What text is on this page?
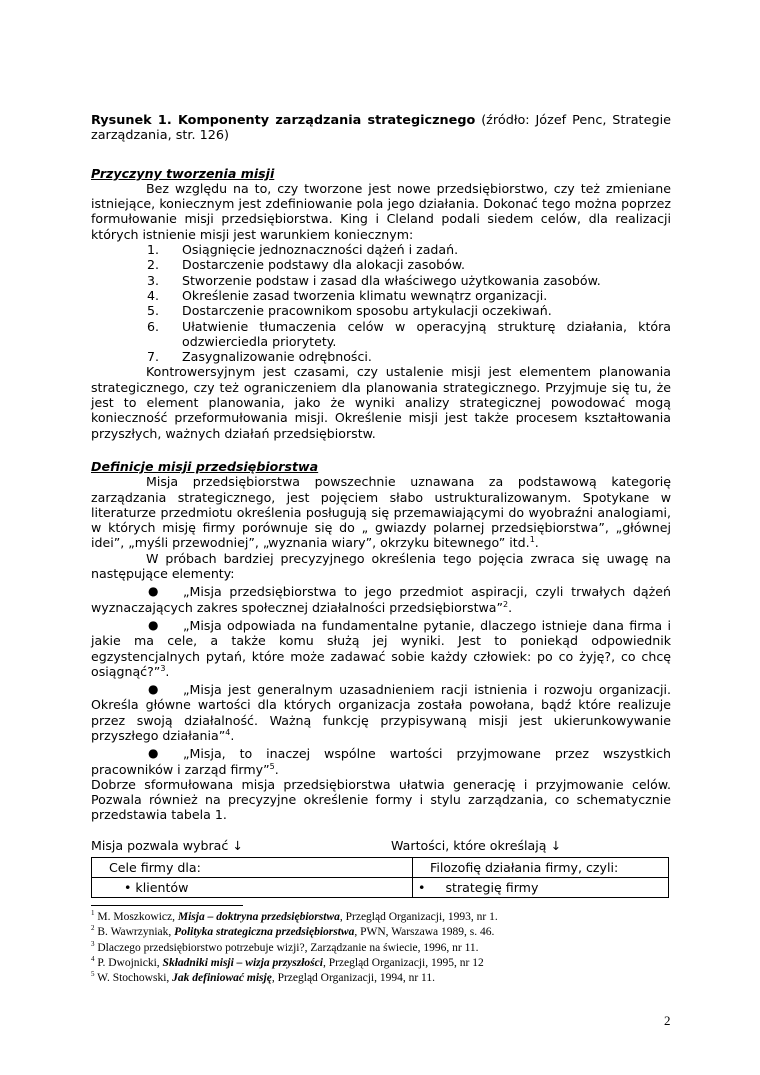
Rysunek 1. Komponenty zarządzania strategicznego (źródło: Józef Penc, Strategie zarządzania, str. 126)

Przyczyny tworzenia misji

Bez względu na to, czy tworzone jest nowe przedsiębiorstwo, czy też zmieniane istniejące, koniecznym jest zdefiniowanie pola jego działania. Dokonać tego można poprzez formułowanie misji przedsiębiorstwa. King i Cleland podali siedem celów, dla realizacji których istnienie misji jest warunkiem koniecznym:

1. Osiągnięcie jednoznaczności dążeń i zadań.
2. Dostarczenie podstawy dla alokacji zasobów.
3. Stworzenie podstaw i zasad dla właściwego użytkowania zasobów.
4. Określenie zasad tworzenia klimatu wewnątrz organizacji.
5. Dostarczenie pracownikom sposobu artykulacji oczekiwań.
6. Ułatwienie tłumaczenia celów w operacyjną strukturę działania, która odzwierciedla priorytety.
7. Zasygnalizowanie odrębności.

Kontrowersyjnym jest czasami, czy ustalenie misji jest elementem planowania strategicznego, czy też ograniczeniem dla planowania strategicznego. Przyjmuje się tu, że jest to element planowania, jako że wyniki analizy strategicznej powodować mogą konieczność przeformułowania misji. Określenie misji jest także procesem kształtowania przyszłych, ważnych działań przedsiębiorstw.

Definicje misji przedsiębiorstwa

Misja przedsiębiorstwa powszechnie uznawana za podstawową kategorię zarządzania strategicznego, jest pojęciem słabo ustrukturalizowanym. Spotykane w literaturze przedmiotu określenia posługują się przemawiającymi do wyobraźni analogiami, w których misję firmy porównuje się do „ gwiazdy polarnej przedsiębiorstwa”, „głównej idei”, „myśli przewodniej”, „wyznania wiary”, okrzyku bitewnego” itd.$^1$.

W próbach bardziej precyzyjnego określenia tego pojęcia zwraca się uwagę na następujące elementy:

● „Misja przedsiębiorstwa to jego przedmiot aspiracji, czyli trwałych dążeń wyznaczających zakres społecznej działalności przedsiębiorstwa”$^2$.

● „Misja odpowiada na fundamentalne pytanie, dlaczego istnieje dana firma i jakie ma cele, a także komu służą jej wyniki. Jest to poniekąd odpowiednik egzystencjalnych pytań, które może zadawać sobie każdy człowiek: po co żyję?, co chcę osiągnąć?”$^3$.

● „Misja jest generalnym uzasadnieniem racji istnienia i rozwoju organizacji. Określa główne wartości dla których organizacja została powołana, bądź które realizuje przez swoją działalność. Ważną funkcję przypisywaną misji jest ukierunkowywanie przyszłego działania”$^4$.

● „Misja, to inaczej wspólne wartości przyjmowane przez wszystkich pracowników i zarząd firmy”$^5$.

Dobrze sformułowana misja przedsiębiorstwa ułatwia generację i przyjmowanie celów. Pozwala również na precyzyjne określenie formy i stylu zarządzania, co schematycznie przedstawia tabela 1.

Misja pozwala wybrać ↓	Wartości, które określają ↓
Cele firmy dla:	Filozofię działania firmy, czyli:
• klientów	• strategię firmy
$^1$ M. Moszkowicz, Misja – doktryna przedsiębiorstwa, Przegląd Organizacji, 1993, nr 1.
$^2$ B. Wawrzyniak, Polityka strategiczna przedsiębiorstwa, PWN, Warszawa 1989, s. 46.
$^3$ Dlaczego przedsiębiorstwo potrzebuje wizji?, Zarządzanie na świecie, 1996, nr 11.
$^4$ P. Dwojnicki, Składniki misji – wizja przyszłości, Przegląd Organizacji, 1995, nr 12
$^5$ W. Stochowski, Jak definiować misję, Przegląd Organizacji, 1994, nr 11.
2
